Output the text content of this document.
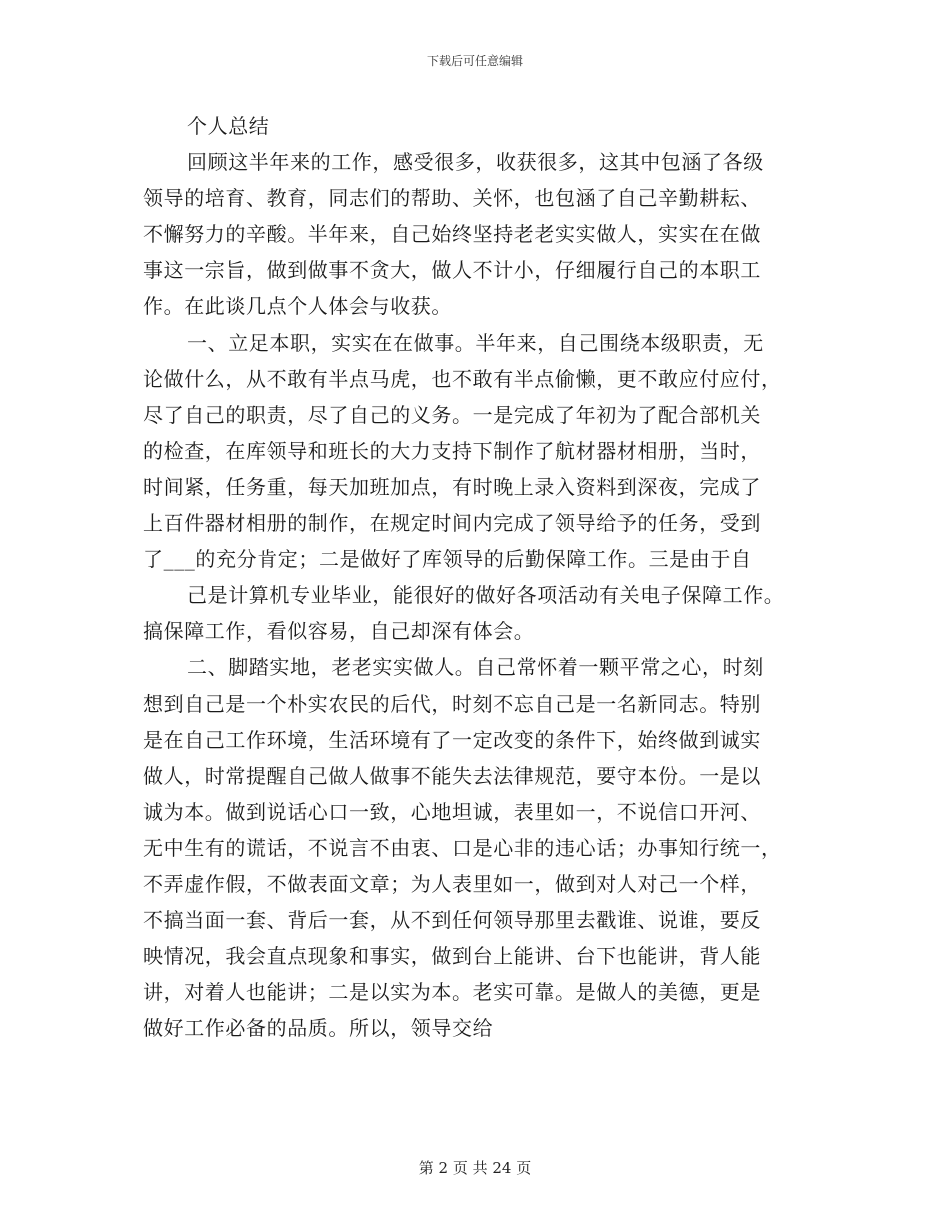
下载后可任意编辑
个人总结
回顾这半年来的工作，感受很多，收获很多，这其中包涵了各级
领导的培育、教育，同志们的帮助、关怀，也包涵了自己辛勤耕耘、
不懈努力的辛酸。半年来，自己始终坚持老老实实做人，实实在在做
事这一宗旨，做到做事不贪大，做人不计小，仔细履行自己的本职工
作。在此谈几点个人体会与收获。
一、立足本职，实实在在做事。半年来，自己围绕本级职责，无
论做什么，从不敢有半点马虎，也不敢有半点偷懒，更不敢应付应付，
尽了自己的职责，尽了自己的义务。一是完成了年初为了配合部机关
的检查，在库领导和班长的大力支持下制作了航材器材相册，当时，
时间紧，任务重，每天加班加点，有时晚上录入资料到深夜，完成了
上百件器材相册的制作，在规定时间内完成了领导给予的任务，受到
了___的充分肯定；二是做好了库领导的后勤保障工作。三是由于自
己是计算机专业毕业，能很好的做好各项活动有关电子保障工作。
搞保障工作，看似容易，自己却深有体会。
二、脚踏实地，老老实实做人。自己常怀着一颗平常之心，时刻
想到自己是一个朴实农民的后代，时刻不忘自己是一名新同志。特别
是在自己工作环境，生活环境有了一定改变的条件下，始终做到诚实
做人，时常提醒自己做人做事不能失去法律规范，要守本份。一是以
诚为本。做到说话心口一致，心地坦诚，表里如一，不说信口开河、
无中生有的谎话，不说言不由衷、口是心非的违心话；办事知行统一，
不弄虚作假，不做表面文章；为人表里如一，做到对人对己一个样，
不搞当面一套、背后一套，从不到任何领导那里去戳谁、说谁，要反
映情况，我会直点现象和事实，做到台上能讲、台下也能讲，背人能
讲，对着人也能讲；二是以实为本。老实可靠。是做人的美德，更是
做好工作必备的品质。所以，领导交给
第 2 页 共 24 页
